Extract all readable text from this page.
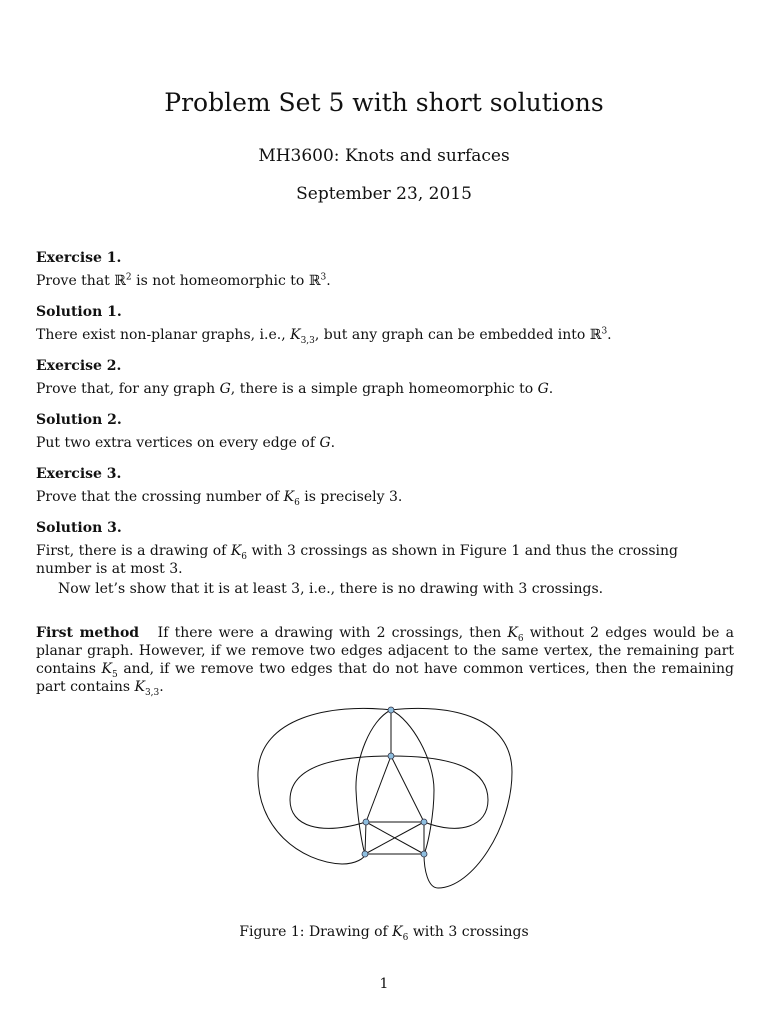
Problem Set 5 with short solutions
MH3600: Knots and surfaces
September 23, 2015
Exercise 1.
Prove that ℝ$^2$ is not homeomorphic to ℝ$^3$.
Solution 1.
There exist non-planar graphs, i.e., $K_{3,3}$, but any graph can be embedded into ℝ$^3$.
Exercise 2.
Prove that, for any graph G, there is a simple graph homeomorphic to G.
Solution 2.
Put two extra vertices on every edge of G.
Exercise 3.
Prove that the crossing number of $K_6$ is precisely 3.
Solution 3.
First, there is a drawing of $K_6$ with 3 crossings as shown in Figure 1 and thus the crossing number is at most 3.
Now let’s show that it is at least 3, i.e., there is no drawing with 3 crossings.
First method If there were a drawing with 2 crossings, then $K_6$ without 2 edges would be a planar graph. However, if we remove two edges adjacent to the same vertex, the remaining part contains $K_5$ and, if we remove two edges that do not have common vertices, then the remaining part contains $K_{3,3}$.
Figure 1: Drawing of $K_6$ with 3 crossings
1
